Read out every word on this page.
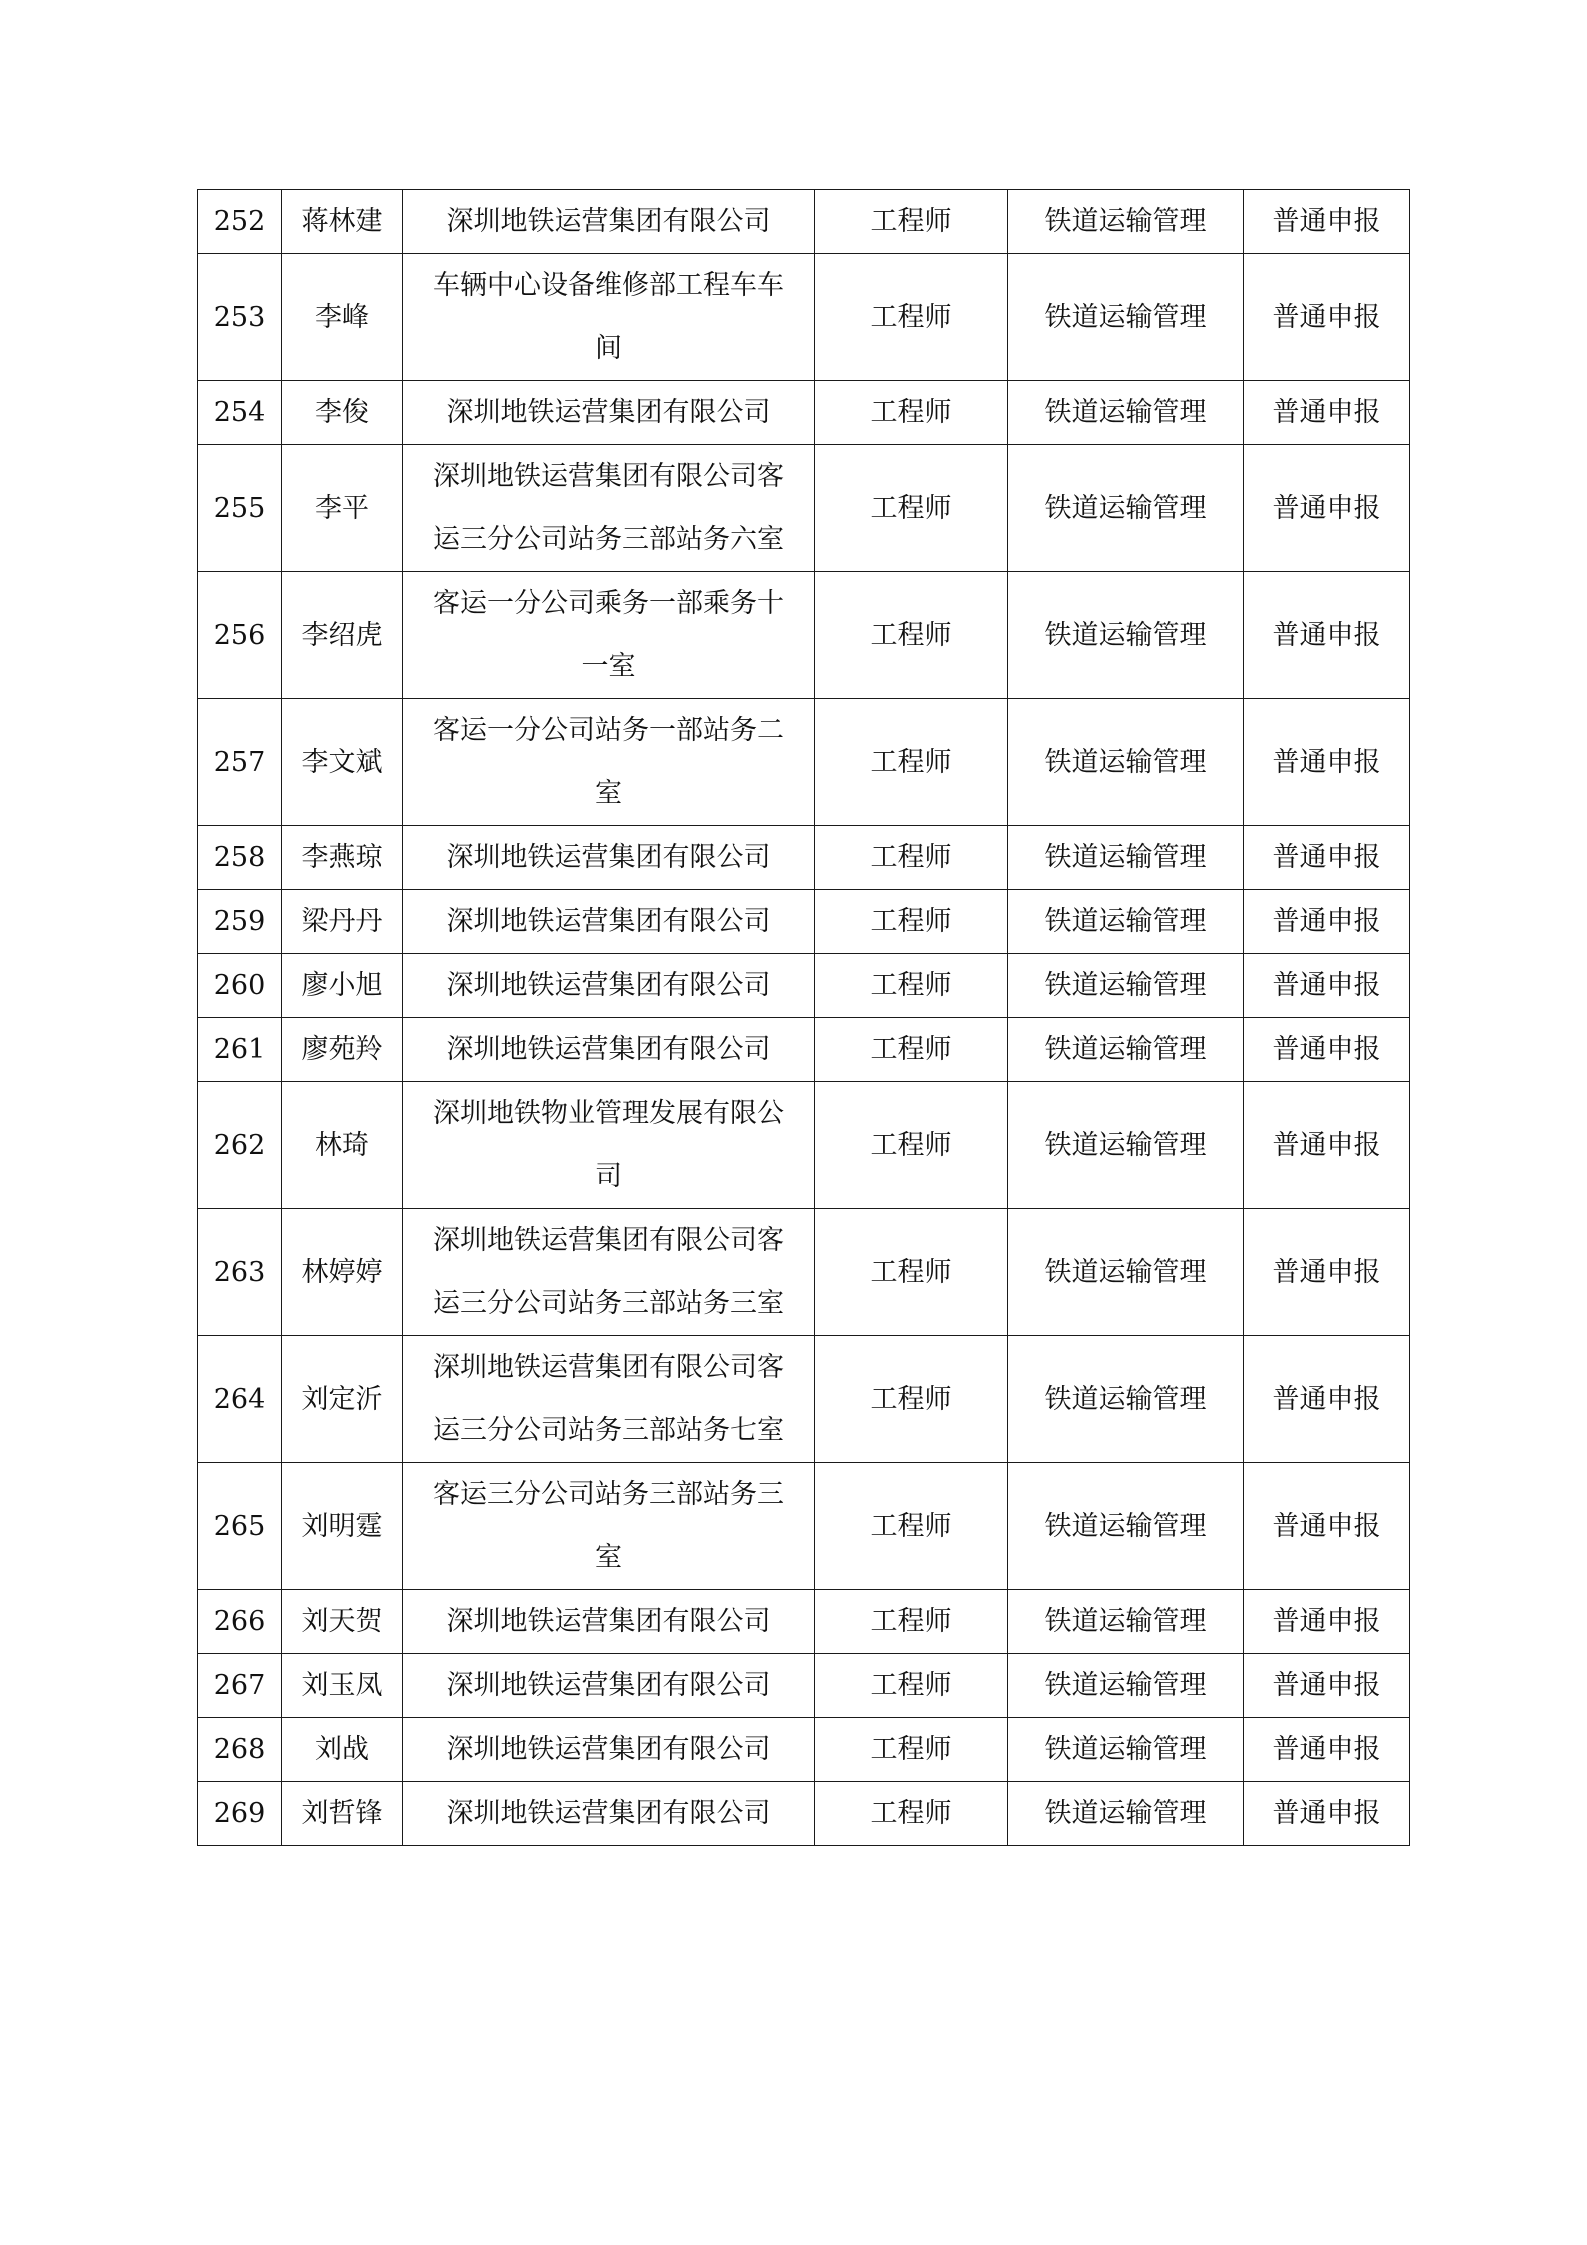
252	蒋林建	深圳地铁运营集团有限公司	工程师	铁道运输管理	普通申报
253	李峰	车辆中心设备维修部工程车车间	工程师	铁道运输管理	普通申报
254	李俊	深圳地铁运营集团有限公司	工程师	铁道运输管理	普通申报
255	李平	深圳地铁运营集团有限公司客运三分公司站务三部站务六室	工程师	铁道运输管理	普通申报
256	李绍虎	客运一分公司乘务一部乘务十一室	工程师	铁道运输管理	普通申报
257	李文斌	客运一分公司站务一部站务二室	工程师	铁道运输管理	普通申报
258	李燕琼	深圳地铁运营集团有限公司	工程师	铁道运输管理	普通申报
259	梁丹丹	深圳地铁运营集团有限公司	工程师	铁道运输管理	普通申报
260	廖小旭	深圳地铁运营集团有限公司	工程师	铁道运输管理	普通申报
261	廖苑羚	深圳地铁运营集团有限公司	工程师	铁道运输管理	普通申报
262	林琦	深圳地铁物业管理发展有限公司	工程师	铁道运输管理	普通申报
263	林婷婷	深圳地铁运营集团有限公司客运三分公司站务三部站务三室	工程师	铁道运输管理	普通申报
264	刘定沂	深圳地铁运营集团有限公司客运三分公司站务三部站务七室	工程师	铁道运输管理	普通申报
265	刘明霆	客运三分公司站务三部站务三室	工程师	铁道运输管理	普通申报
266	刘天贺	深圳地铁运营集团有限公司	工程师	铁道运输管理	普通申报
267	刘玉凤	深圳地铁运营集团有限公司	工程师	铁道运输管理	普通申报
268	刘战	深圳地铁运营集团有限公司	工程师	铁道运输管理	普通申报
269	刘哲锋	深圳地铁运营集团有限公司	工程师	铁道运输管理	普通申报
